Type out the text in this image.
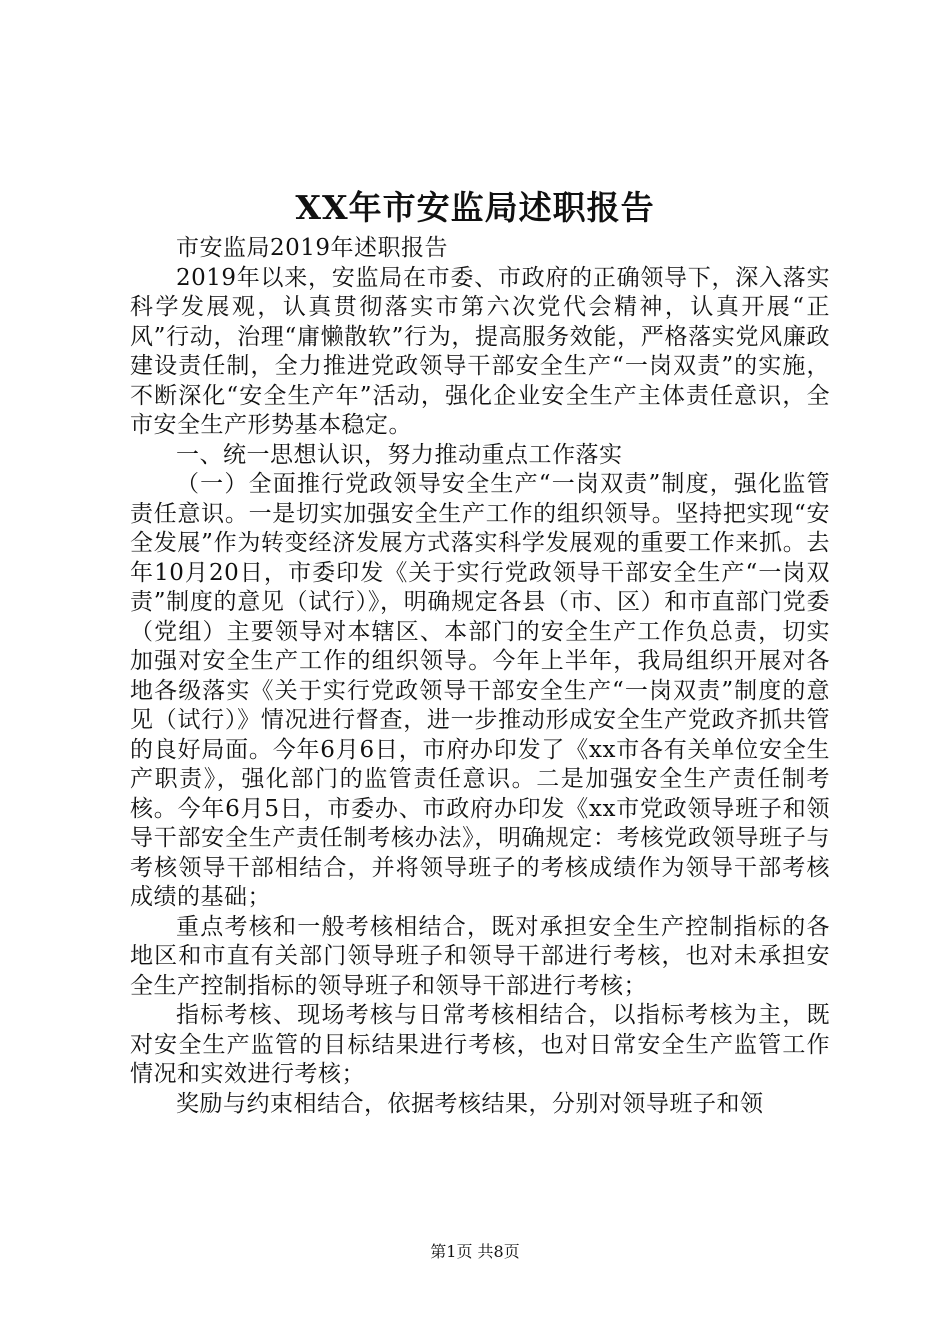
XX年市安监局述职报告

市安监局2019年述职报告

2019年以来，安监局在市委、市政府的正确领导下，深入落实科学发展观，认真贯彻落实市第六次党代会精神，认真开展“正风”行动，治理“庸懒散软”行为，提高服务效能，严格落实党风廉政建设责任制，全力推进党政领导干部安全生产“一岗双责”的实施，不断深化“安全生产年”活动，强化企业安全生产主体责任意识，全市安全生产形势基本稳定。

一、统一思想认识，努力推动重点工作落实

（一）全面推行党政领导安全生产“一岗双责”制度，强化监管责任意识。一是切实加强安全生产工作的组织领导。坚持把实现“安全发展”作为转变经济发展方式落实科学发展观的重要工作来抓。去年10月20日，市委印发《关于实行党政领导干部安全生产“一岗双责”制度的意见（试行）》，明确规定各县（市、区）和市直部门党委（党组）主要领导对本辖区、本部门的安全生产工作负总责，切实加强对安全生产工作的组织领导。今年上半年，我局组织开展对各地各级落实《关于实行党政领导干部安全生产“一岗双责”制度的意见（试行）》情况进行督查，进一步推动形成安全生产党政齐抓共管的良好局面。今年6月6日，市府办印发了《xx市各有关单位安全生产职责》，强化部门的监管责任意识。二是加强安全生产责任制考核。今年6月5日，市委办、市政府办印发《xx市党政领导班子和领导干部安全生产责任制考核办法》，明确规定：考核党政领导班子与考核领导干部相结合，并将领导班子的考核成绩作为领导干部考核成绩的基础；

重点考核和一般考核相结合，既对承担安全生产控制指标的各地区和市直有关部门领导班子和领导干部进行考核，也对未承担安全生产控制指标的领导班子和领导干部进行考核；

指标考核、现场考核与日常考核相结合，以指标考核为主，既对安全生产监管的目标结果进行考核，也对日常安全生产监管工作情况和实效进行考核；

奖励与约束相结合，依据考核结果，分别对领导班子和领

第1页 共8页
